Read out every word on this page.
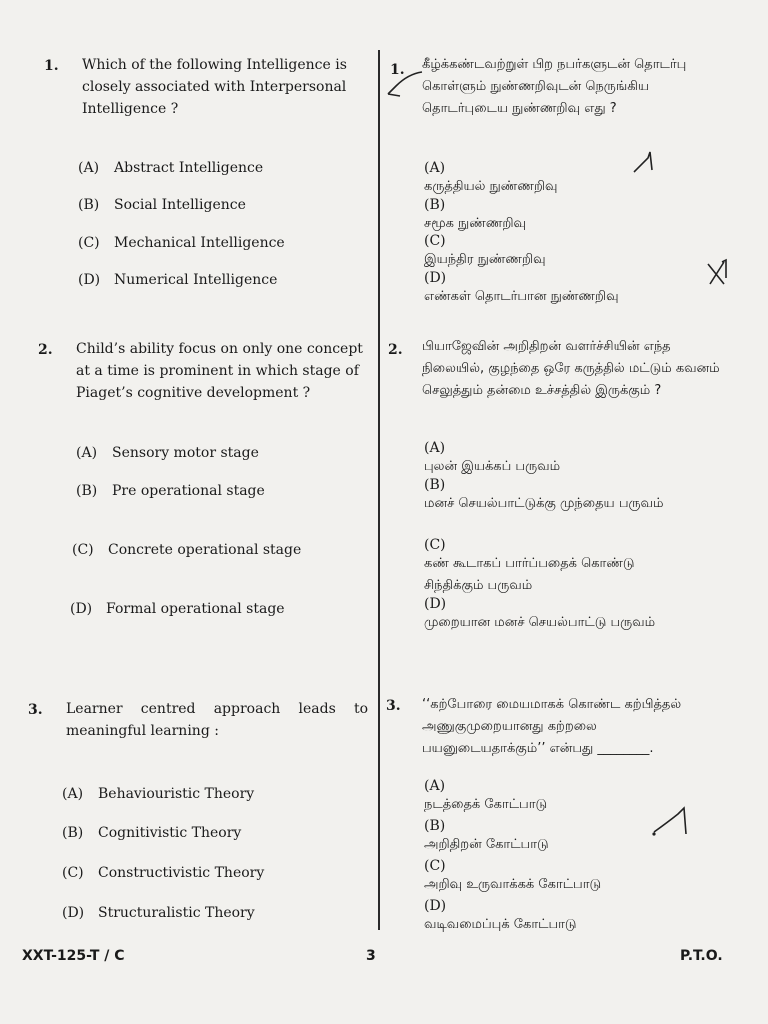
1. Which of the following Intelligence is closely associated with Interpersonal Intelligence ?
(A) Abstract Intelligence
(B) Social Intelligence
(C) Mechanical Intelligence
(D) Numerical Intelligence
2. Child’s ability focus on only one concept at a time is prominent in which stage of Piaget’s cognitive development ?
(A) Sensory motor stage
(B) Pre operational stage
(C) Concrete operational stage
(D) Formal operational stage
3. Learner centred approach leads to meaningful learning :
(A) Behaviouristic Theory
(B) Cognitivistic Theory
(C) Constructivistic Theory
(D) Structuralistic Theory
1. கீழ்க்கண்டவற்றுள் பிற நபர்களுடன் தொடர்பு கொள்ளும் நுண்ணறிவுடன் நெருங்கிய தொடர்புடைய நுண்ணறிவு எது ?
(A)கருத்தியல் நுண்ணறிவு
(B)சமூக நுண்ணறிவு
(C)இயந்திர நுண்ணறிவு
(D)எண்கள் தொடர்பான நுண்ணறிவு
2. பியாஜேவின் அறிதிறன் வளர்ச்சியின் எந்த நிலையில், குழந்தை ஒரே கருத்தில் மட்டும் கவனம் செலுத்தும் தன்மை உச்சத்தில் இருக்கும் ?
(A)புலன் இயக்கப் பருவம்
(B)மனச் செயல்பாட்டுக்கு முந்தைய பருவம்
(C)கண் கூடாகப் பார்ப்பதைக் கொண்டு சிந்திக்கும் பருவம்
(D)முறையான மனச் செயல்பாட்டு பருவம்
3. ‘‘கற்போரை மையமாகக் கொண்ட கற்பித்தல் அணுகுமுறையானது கற்றலை பயனுடையதாக்கும்’’ என்பது ________.
(A)நடத்தைக் கோட்பாடு
(B)அறிதிறன் கோட்பாடு
(C)அறிவு உருவாக்கக் கோட்பாடு
(D)வடிவமைப்புக் கோட்பாடு
XXT-125-T / C	3	P.T.O.
